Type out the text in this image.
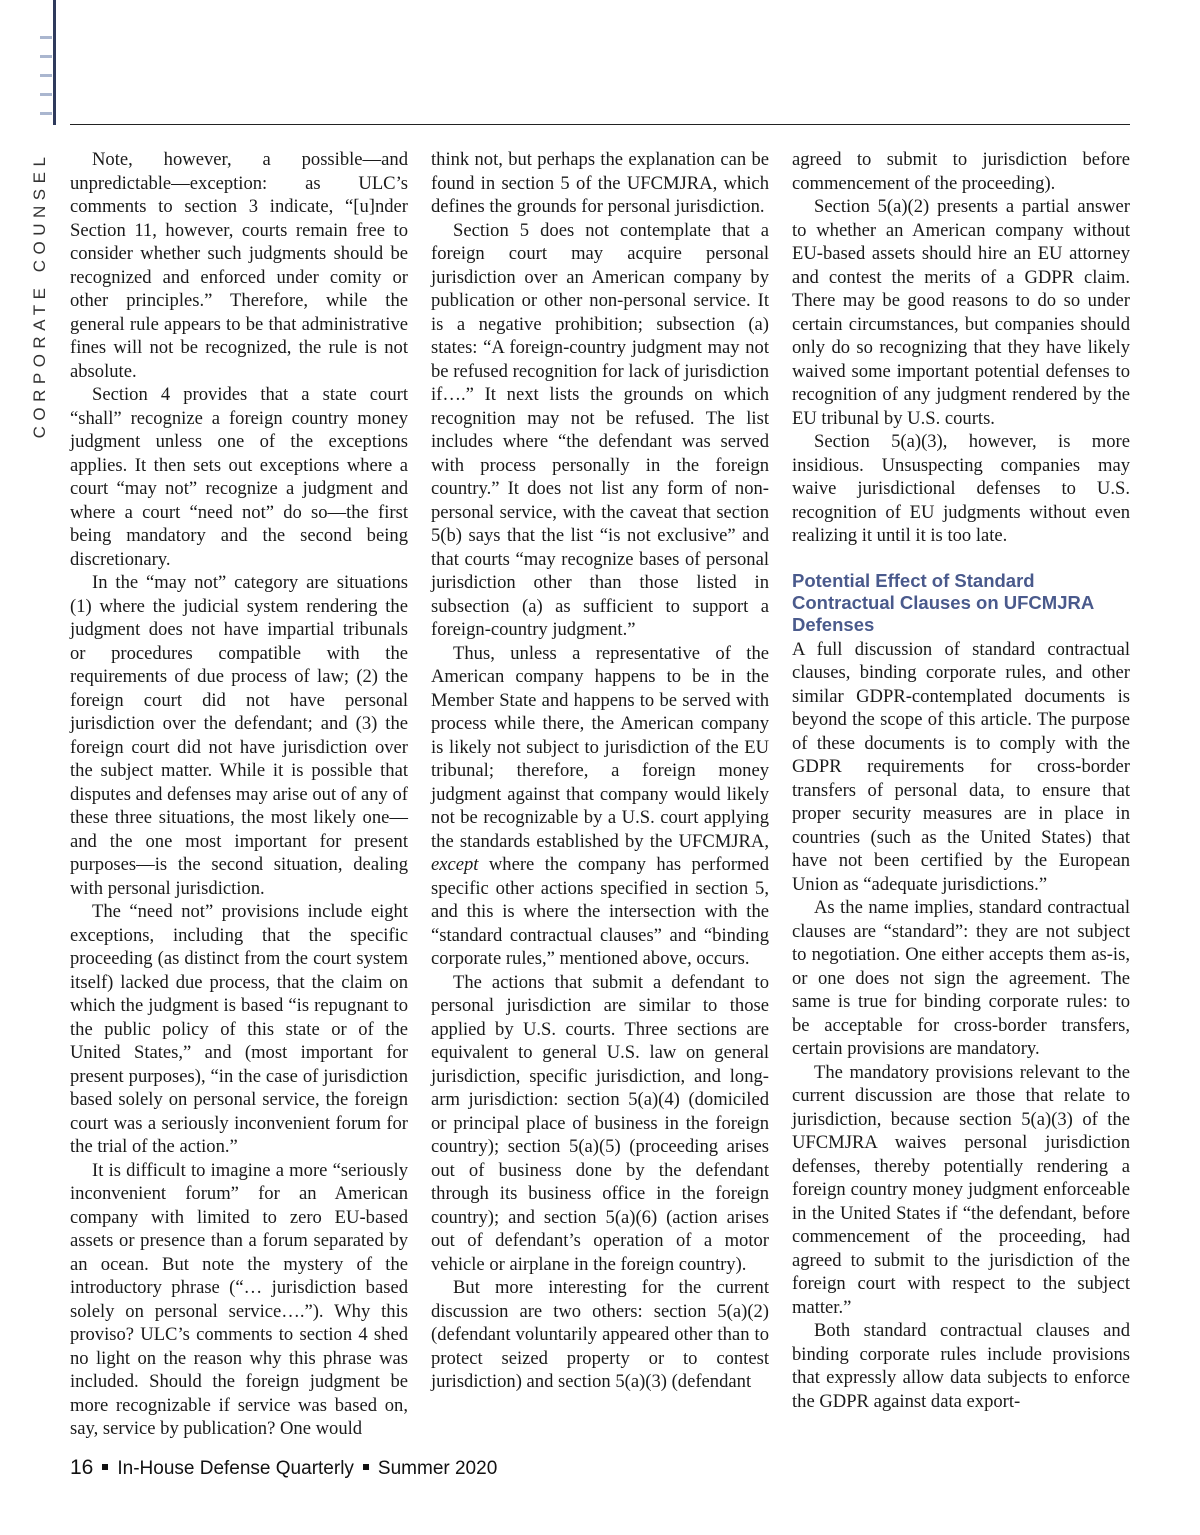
CORPORATE COUNSEL	Note, however, a possible—and unpredictable—exception: as ULC’s comments to section 3 indicate, “[u]nder Section 11, however, courts remain free to consider whether such judgments should be recognized and enforced under comity or other principles.” Therefore, while the general rule appears to be that administrative fines will not be recognized, the rule is not absolute.

Section 4 provides that a state court “shall” recognize a foreign country money judgment unless one of the exceptions applies. It then sets out exceptions where a court “may not” recognize a judgment and where a court “need not” do so—the first being mandatory and the second being discretionary.

In the “may not” category are situations (1) where the judicial system rendering the judgment does not have impartial tribunals or procedures compatible with the requirements of due process of law; (2) the foreign court did not have personal jurisdiction over the defendant; and (3) the foreign court did not have jurisdiction over the subject matter. While it is possible that disputes and defenses may arise out of any of these three situations, the most likely one—and the one most important for present purposes—is the second situation, dealing with personal jurisdiction.

The “need not” provisions include eight exceptions, including that the specific proceeding (as distinct from the court system itself) lacked due process, that the claim on which the judgment is based “is repugnant to the public policy of this state or of the United States,” and (most important for present purposes), “in the case of jurisdiction based solely on personal service, the foreign court was a seriously inconvenient forum for the trial of the action.”

It is difficult to imagine a more “seriously inconvenient forum” for an American company with limited to zero EU-based assets or presence than a forum separated by an ocean. But note the mystery of the introductory phrase (“… jurisdiction based solely on personal service….”). Why this proviso? ULC’s comments to section 4 shed no light on the reason why this phrase was included. Should the foreign judgment be more recognizable if service was based on, say, service by publication? One would

think not, but perhaps the explanation can be found in section 5 of the UFCMJRA, which defines the grounds for personal jurisdiction.

Section 5 does not contemplate that a foreign court may acquire personal jurisdiction over an American company by publication or other non-personal service. It is a negative prohibition; subsection (a) states: “A foreign-country judgment may not be refused recognition for lack of jurisdiction if….” It next lists the grounds on which recognition may not be refused. The list includes where “the defendant was served with process personally in the foreign country.” It does not list any form of non-personal service, with the caveat that section 5(b) says that the list “is not exclusive” and that courts “may recognize bases of personal jurisdiction other than those listed in subsection (a) as sufficient to support a foreign-country judgment.”

Thus, unless a representative of the American company happens to be in the Member State and happens to be served with process while there, the American company is likely not subject to jurisdiction of the EU tribunal; therefore, a foreign money judgment against that company would likely not be recognizable by a U.S. court applying the standards established by the UFCMJRA, except where the company has performed specific other actions specified in section 5, and this is where the intersection with the “standard contractual clauses” and “binding corporate rules,” mentioned above, occurs.

The actions that submit a defendant to personal jurisdiction are similar to those applied by U.S. courts. Three sections are equivalent to general U.S. law on general jurisdiction, specific jurisdiction, and long-arm jurisdiction: section 5(a)(4) (domiciled or principal place of business in the foreign country); section 5(a)(5) (proceeding arises out of business done by the defendant through its business office in the foreign country); and section 5(a)(6) (action arises out of defendant’s operation of a motor vehicle or airplane in the foreign country).

But more interesting for the current discussion are two others: section 5(a)(2) (defendant voluntarily appeared other than to protect seized property or to contest jurisdiction) and section 5(a)(3) (defendant

agreed to submit to jurisdiction before commencement of the proceeding).

Section 5(a)(2) presents a partial answer to whether an American company without EU-based assets should hire an EU attorney and contest the merits of a GDPR claim. There may be good reasons to do so under certain circumstances, but companies should only do so recognizing that they have likely waived some important potential defenses to recognition of any judgment rendered by the EU tribunal by U.S. courts.

Section 5(a)(3), however, is more insidious. Unsuspecting companies may waive jurisdictional defenses to U.S. recognition of EU judgments without even realizing it until it is too late.

Potential Effect of Standard Contractual Clauses on UFCMJRA Defenses

A full discussion of standard contractual clauses, binding corporate rules, and other similar GDPR-contemplated documents is beyond the scope of this article. The purpose of these documents is to comply with the GDPR requirements for cross-border transfers of personal data, to ensure that proper security measures are in place in countries (such as the United States) that have not been certified by the European Union as “adequate jurisdictions.”

As the name implies, standard contractual clauses are “standard”: they are not subject to negotiation. One either accepts them as-is, or one does not sign the agreement. The same is true for binding corporate rules: to be acceptable for cross-border transfers, certain provisions are mandatory.

The mandatory provisions relevant to the current discussion are those that relate to jurisdiction, because section 5(a)(3) of the UFCMJRA waives personal jurisdiction defenses, thereby potentially rendering a foreign country money judgment enforceable in the United States if “the defendant, before commencement of the proceeding, had agreed to submit to the jurisdiction of the foreign court with respect to the subject matter.”

Both standard contractual clauses and binding corporate rules include provisions that expressly allow data subjects to enforce the GDPR against data export-

16 In-House Defense Quarterly Summer 2020
